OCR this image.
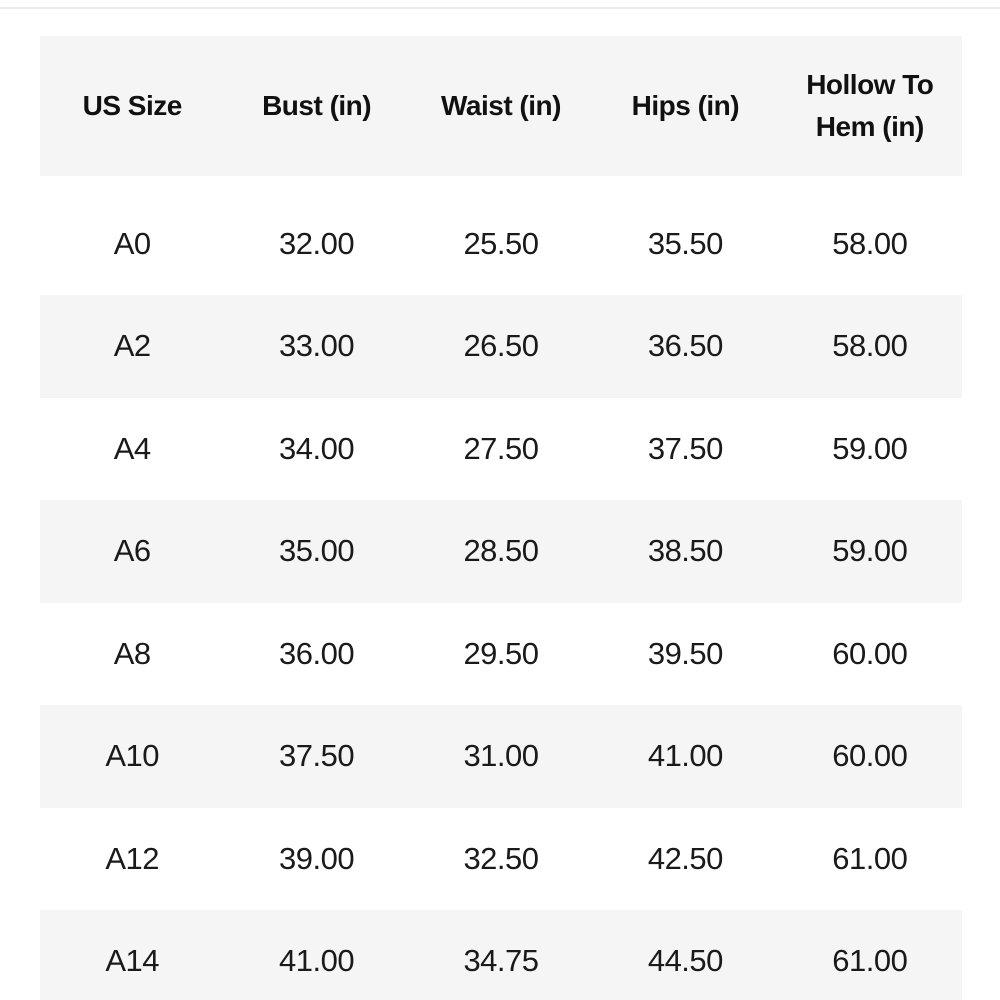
US Size	Bust (in)	Waist (in)	Hips (in)	Hollow To Hem (in)
A0	32.00	25.50	35.50	58.00
A2	33.00	26.50	36.50	58.00
A4	34.00	27.50	37.50	59.00
A6	35.00	28.50	38.50	59.00
A8	36.00	29.50	39.50	60.00
A10	37.50	31.00	41.00	60.00
A12	39.00	32.50	42.50	61.00
A14	41.00	34.75	44.50	61.00
